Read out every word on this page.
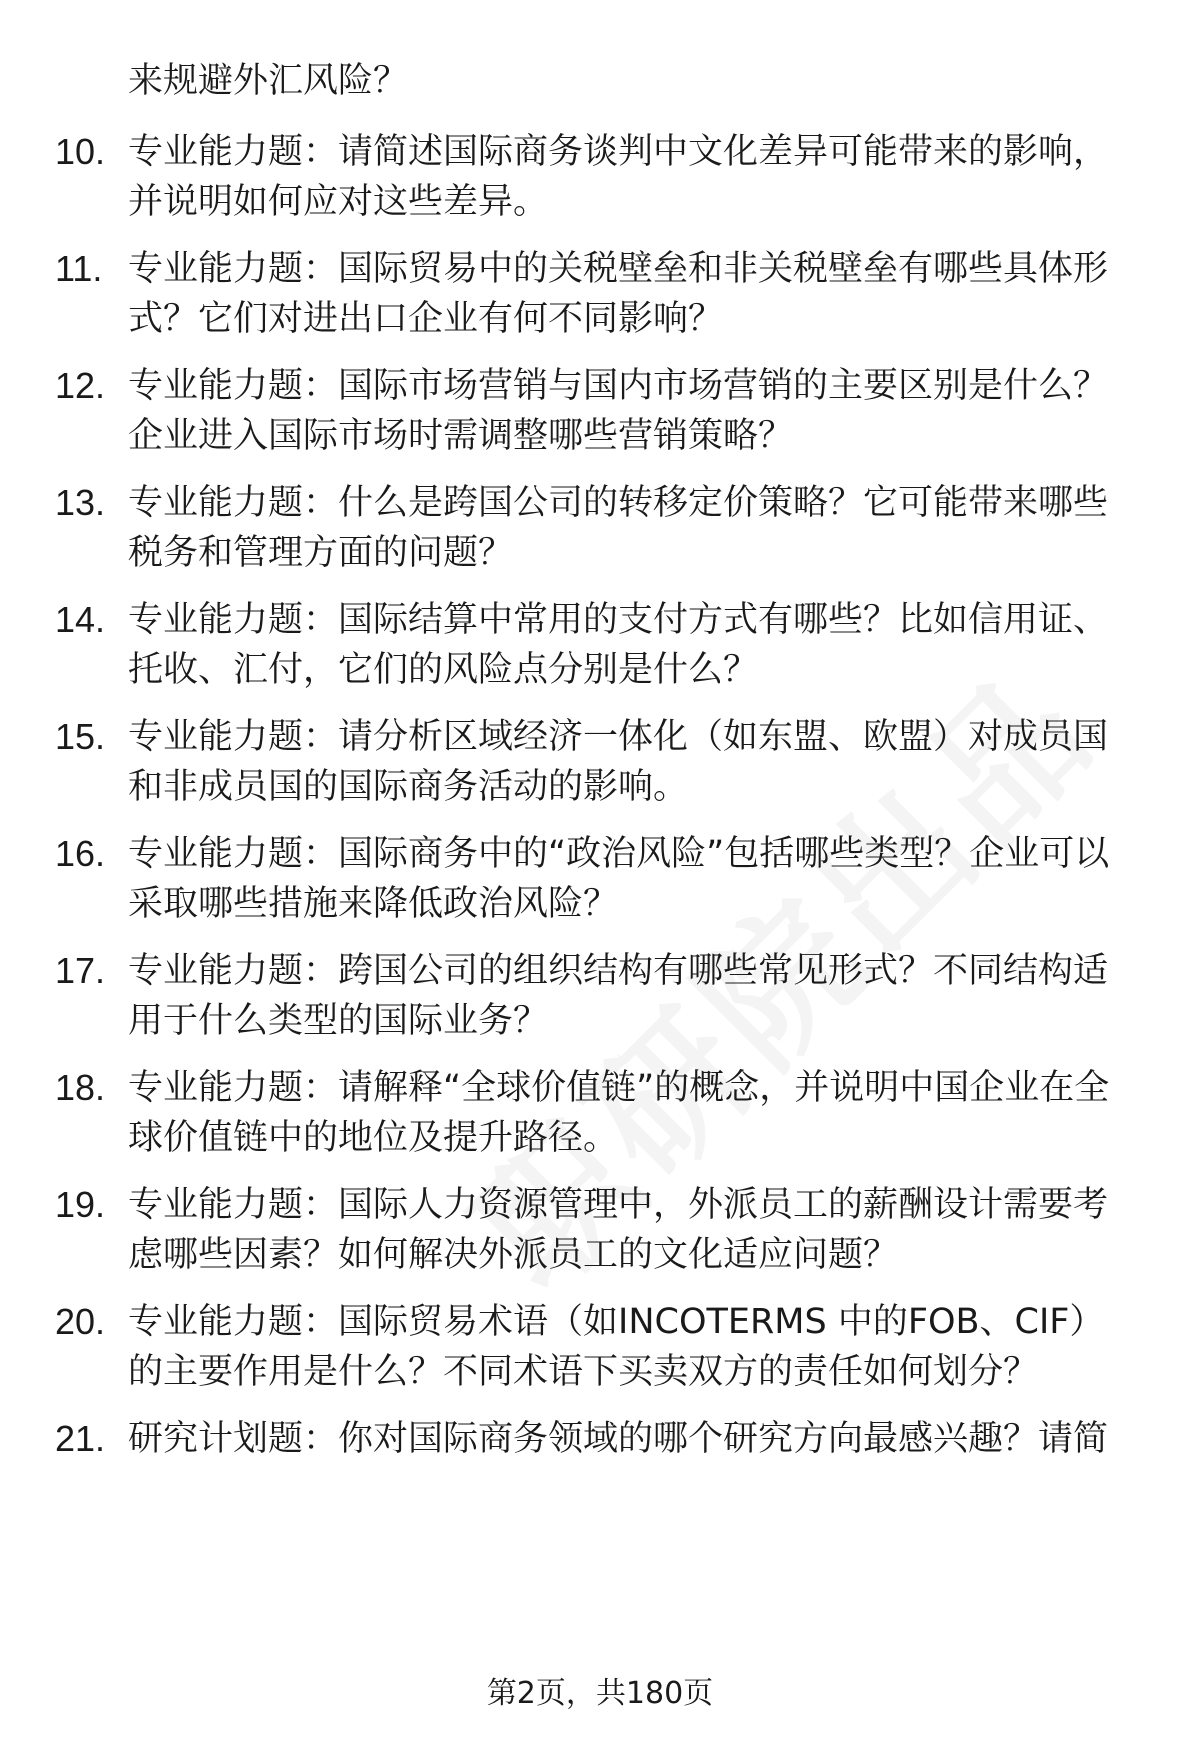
来规避外汇风险？

10. 专业能力题：请简述国际商务谈判中文化差异可能带来的影响，并说明如何应对这些差异。

11. 专业能力题：国际贸易中的关税壁垒和非关税壁垒有哪些具体形式？它们对进出口企业有何不同影响？

12. 专业能力题：国际市场营销与国内市场营销的主要区别是什么？企业进入国际市场时需调整哪些营销策略？

13. 专业能力题：什么是跨国公司的转移定价策略？它可能带来哪些税务和管理方面的问题？

14. 专业能力题：国际结算中常用的支付方式有哪些？比如信用证、托收、汇付，它们的风险点分别是什么？

15. 专业能力题：请分析区域经济一体化（如东盟、欧盟）对成员国和非成员国的国际商务活动的影响。

16. 专业能力题：国际商务中的“政治风险”包括哪些类型？企业可以采取哪些措施来降低政治风险？

17. 专业能力题：跨国公司的组织结构有哪些常见形式？不同结构适用于什么类型的国际业务？

18. 专业能力题：请解释“全球价值链”的概念，并说明中国企业在全球价值链中的地位及提升路径。

19. 专业能力题：国际人力资源管理中，外派员工的薪酬设计需要考虑哪些因素？如何解决外派员工的文化适应问题？

20. 专业能力题：国际贸易术语（如INCOTERMS 中的FOB、CIF）的主要作用是什么？不同术语下买卖双方的责任如何划分？

21. 研究计划题：你对国际商务领域的哪个研究方向最感兴趣？请简

第2页，共180页
